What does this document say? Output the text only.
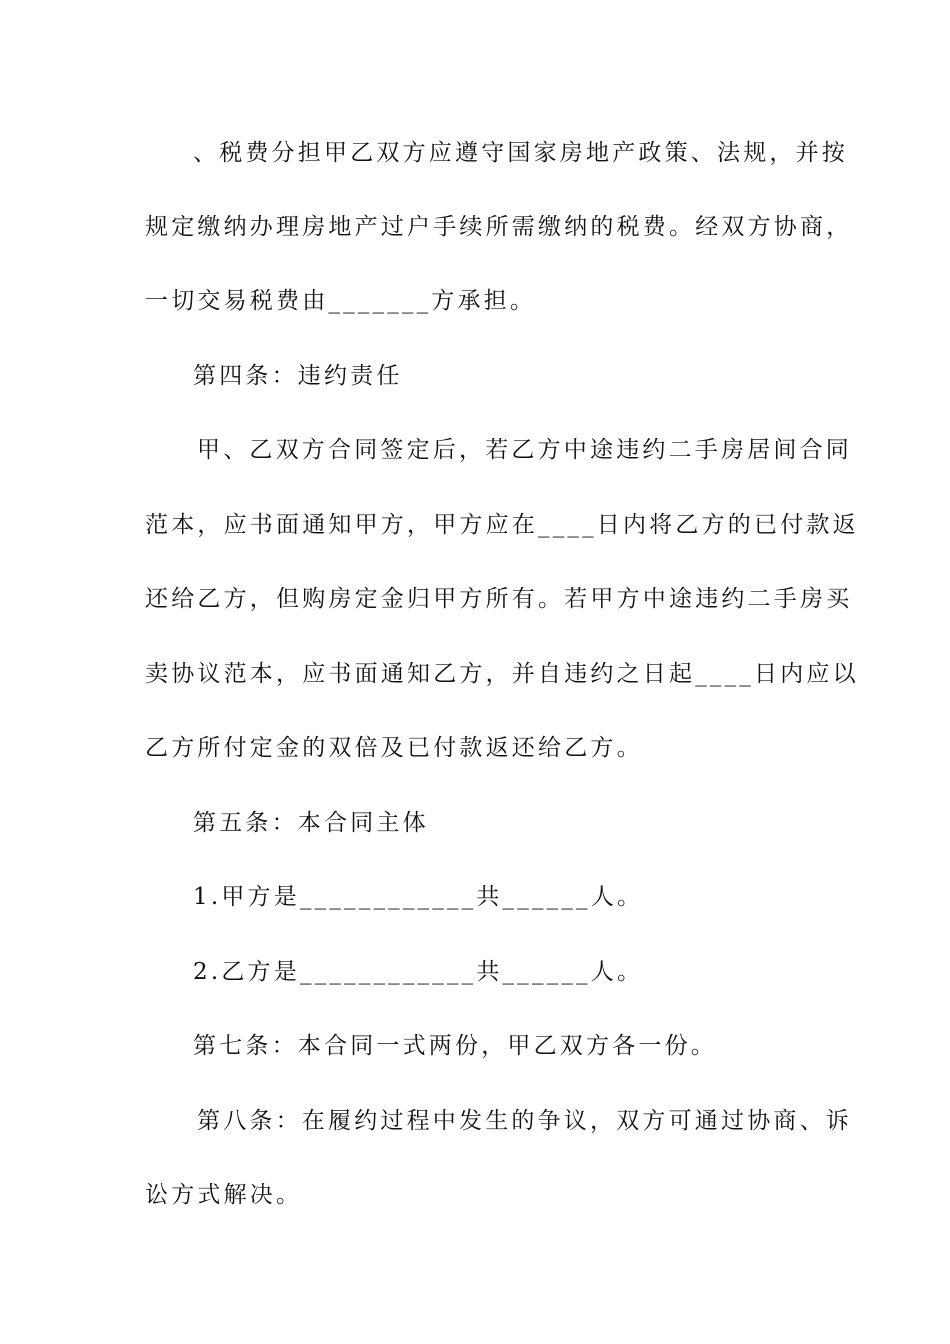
、税费分担甲乙双方应遵守国家房地产政策、法规，并按
规定缴纳办理房地产过户手续所需缴纳的税费。经双方协商，
一切交易税费由_______方承担。
第四条：违约责任
甲、乙双方合同签定后，若乙方中途违约二手房居间合同
范本，应书面通知甲方，甲方应在____日内将乙方的已付款返
还给乙方，但购房定金归甲方所有。若甲方中途违约二手房买
卖协议范本，应书面通知乙方，并自违约之日起____日内应以
乙方所付定金的双倍及已付款返还给乙方。
第五条：本合同主体
1.甲方是____________共______人。
2.乙方是____________共______人。
第七条：本合同一式两份，甲乙双方各一份。
第八条：在履约过程中发生的争议，双方可通过协商、诉
讼方式解决。
